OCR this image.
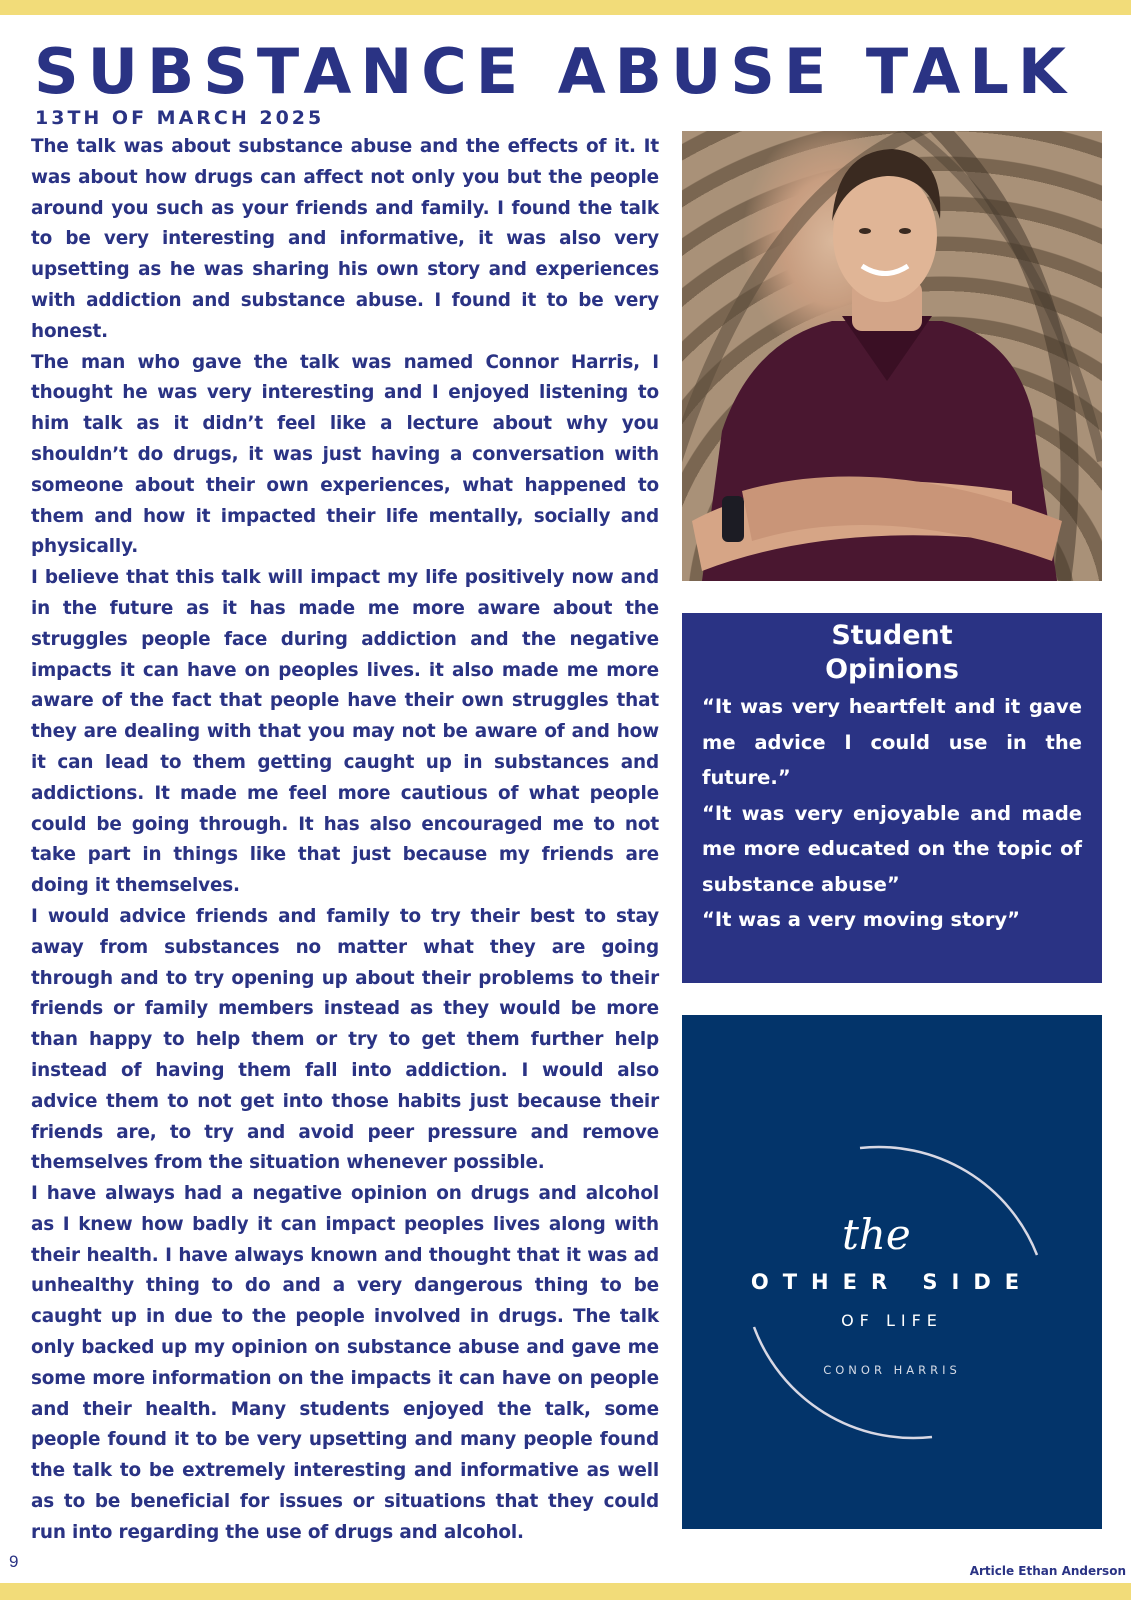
SUBSTANCE ABUSE TALK
13TH OF MARCH 2025

The talk was about substance abuse and the effects of it. It was about how drugs can affect not only you but the people around you such as your friends and family. I found the talk to be very interesting and informative, it was also very upsetting as he was sharing his own story and experiences with addiction and substance abuse. I found it to be very honest.

The man who gave the talk was named Connor Harris, I thought he was very interesting and I enjoyed listening to him talk as it didn’t feel like a lecture about why you shouldn’t do drugs, it was just having a conversation with someone about their own experiences, what happened to them and how it impacted their life mentally, socially and physically.

I believe that this talk will impact my life positively now and in the future as it has made me more aware about the struggles people face during addiction and the negative impacts it can have on peoples lives. it also made me more aware of the fact that people have their own struggles that they are dealing with that you may not be aware of and how it can lead to them getting caught up in substances and addictions. It made me feel more cautious of what people could be going through. It has also encouraged me to not take part in things like that just because my friends are doing it themselves.

I would advice friends and family to try their best to stay away from substances no matter what they are going through and to try opening up about their problems to their friends or family members instead as they would be more than happy to help them or try to get them further help instead of having them fall into addiction. I would also advice them to not get into those habits just because their friends are, to try and avoid peer pressure and remove themselves from the situation whenever possible.

I have always had a negative opinion on drugs and alcohol as I knew how badly it can impact peoples lives along with their health. I have always known and thought that it was ad unhealthy thing to do and a very dangerous thing to be caught up in due to the people involved in drugs. The talk only backed up my opinion on substance abuse and gave me some more information on the impacts it can have on people and their health. Many students enjoyed the talk, some people found it to be very upsetting and many people found the talk to be extremely interesting and informative as well as to be beneficial for issues or situations that they could run into regarding the use of drugs and alcohol.

Student
Opinions

“It was very heartfelt and it gave me advice I could use in the future.”

“It was very enjoyable and made me more educated on the topic of substance abuse”

“It was a very moving story”

the
OTHER SIDE
OF LIFE
CONOR HARRIS
9	Article Ethan Anderson
